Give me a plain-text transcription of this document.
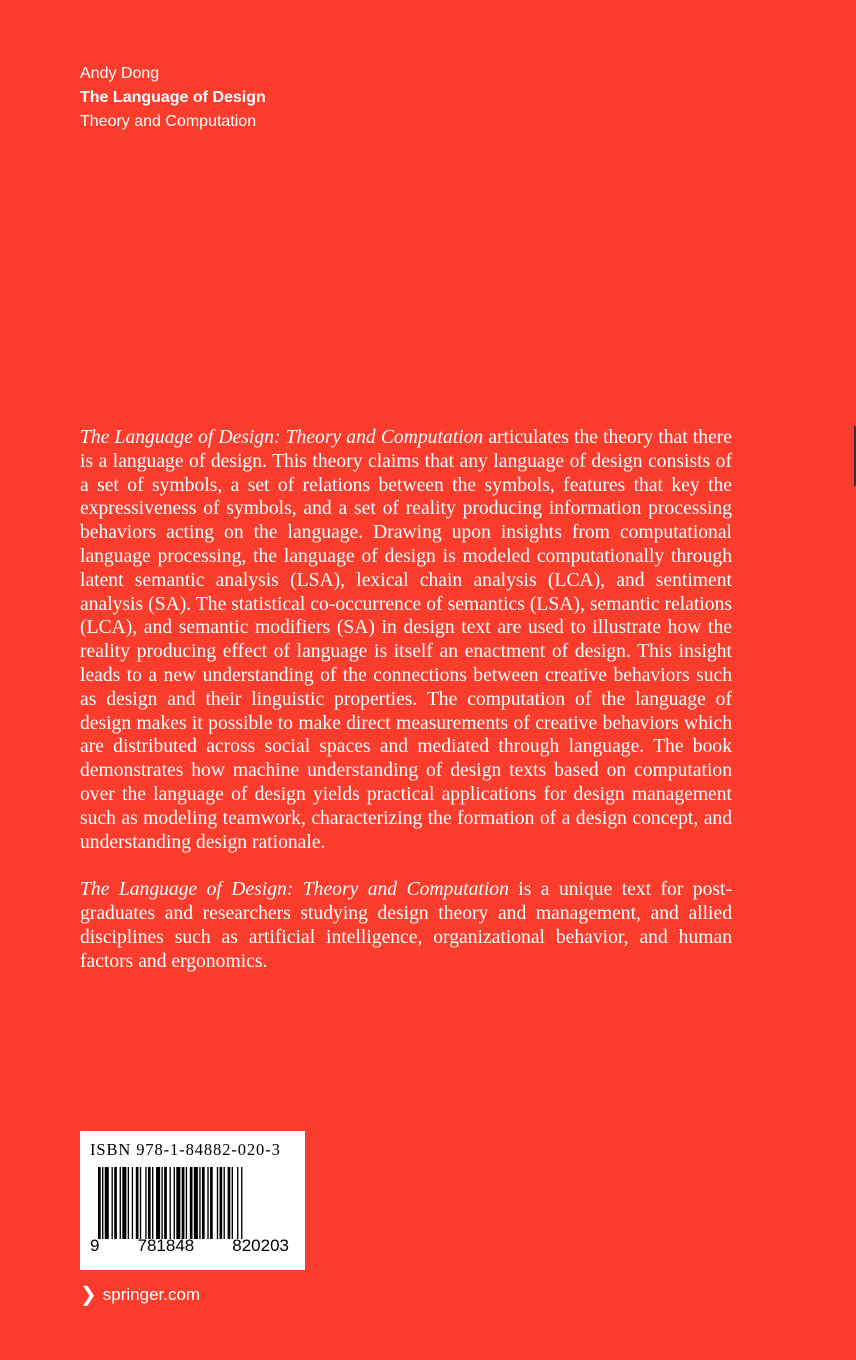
Andy Dong
The Language of Design
Theory and Computation

The Language of Design: Theory and Computation articulates the theory that there is a language of design. This theory claims that any language of design consists of a set of symbols, a set of relations between the symbols, features that key the expressiveness of symbols, and a set of reality producing information processing behaviors acting on the language. Drawing upon insights from computational language processing, the language of design is modeled computationally through latent semantic analysis (LSA), lexical chain analysis (LCA), and sentiment analysis (SA). The statistical co-occurrence of semantics (LSA), semantic relations (LCA), and semantic modifiers (SA) in design text are used to illustrate how the reality producing effect of language is itself an enactment of design. This insight leads to a new understanding of the connections between creative behaviors such as design and their linguistic properties. The computation of the language of design makes it possible to make direct measurements of creative behaviors which are distributed across social spaces and mediated through language. The book demonstrates how machine understanding of design texts based on computation over the language of design yields practical applications for design management such as modeling teamwork, characterizing the formation of a design concept, and understanding design rationale.

The Language of Design: Theory and Computation is a unique text for postgraduates and researchers studying design theory and management, and allied disciplines such as artificial intelligence, organizational behavior, and human factors and ergonomics.

ISBN 978-1-84882-020-3
9 781848 820203
❯ springer.com
